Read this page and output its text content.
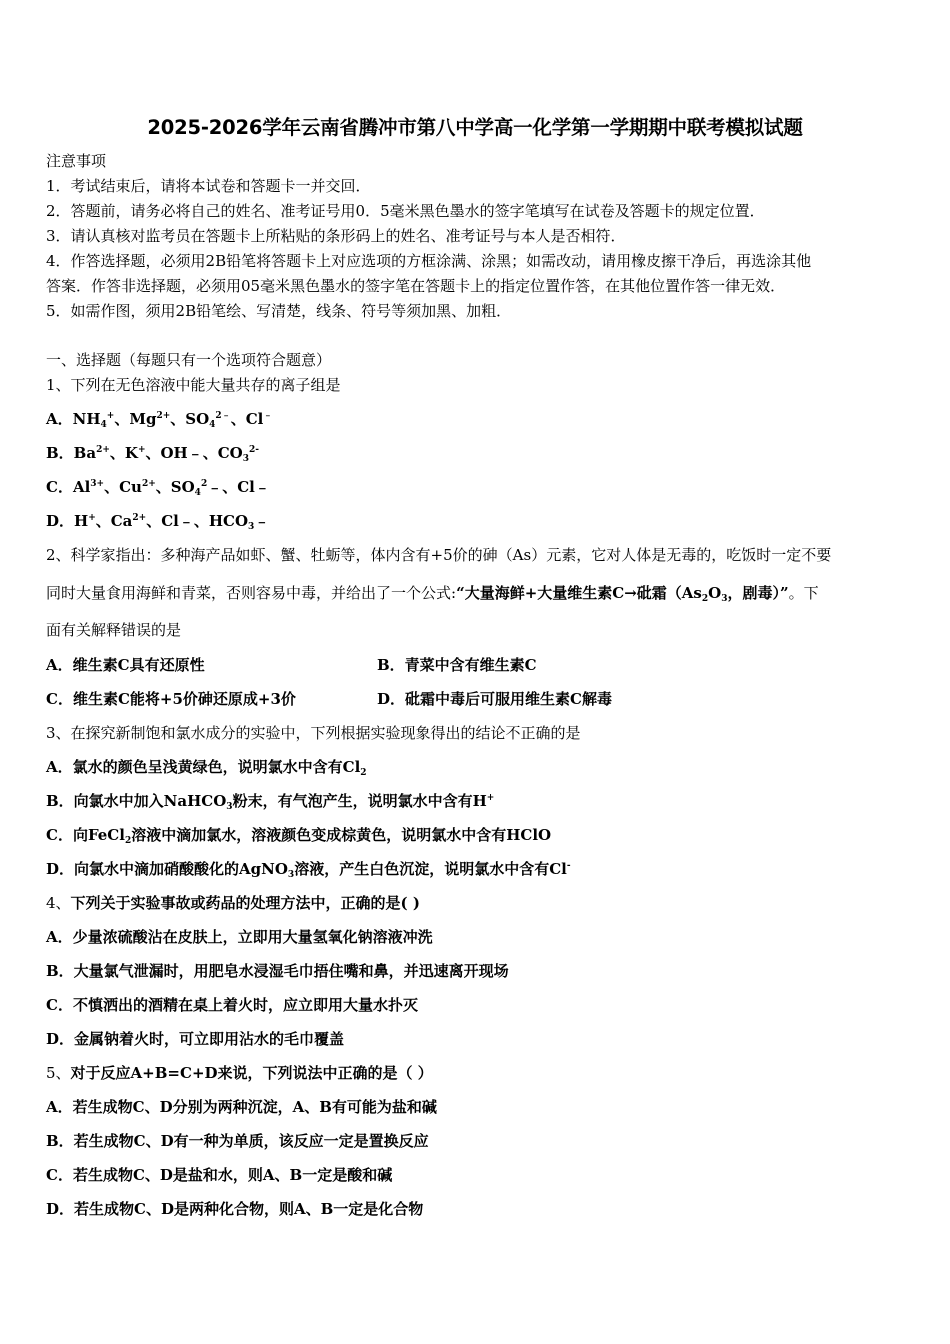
2025-2026学年云南省腾冲市第八中学高一化学第一学期期中联考模拟试题
注意事项
1．考试结束后，请将本试卷和答题卡一并交回．
2．答题前，请务必将自己的姓名、准考证号用0．5毫米黑色墨水的签字笔填写在试卷及答题卡的规定位置．
3．请认真核对监考员在答题卡上所粘贴的条形码上的姓名、准考证号与本人是否相符．
4．作答选择题，必须用2B铅笔将答题卡上对应选项的方框涂满、涂黑；如需改动，请用橡皮擦干净后，再选涂其他
答案．作答非选择题，必须用05毫米黑色墨水的签字笔在答题卡上的指定位置作答，在其他位置作答一律无效．
5．如需作图，须用2B铅笔绘、写清楚，线条、符号等须加黑、加粗．
一、选择题（每题只有一个选项符合题意）
1、下列在无色溶液中能大量共存的离子组是
A．$NH_4^+$、$Mg^{2+}$、$SO_4^{2﹣}$、Cl﹣
B．$Ba^{2+}$、K+、OH﹣、$CO_3^{2-}$
C．$Al^{3+}$、$Cu^{2+}$、$SO_4^2﹣$、Cl﹣
D．H+、$Ca^{2+}$、Cl﹣、$HCO_3﹣$
2、科学家指出：多种海产品如虾、蟹、牡蛎等，体内含有+5价的砷（As）元素，它对人体是无毒的，吃饭时一定不要
同时大量食用海鲜和青菜，否则容易中毒，并给出了一个公式:“大量海鲜+大量维生素C→砒霜（$As_2O_3$，剧毒）”。下
面有关解释错误的是
A．维生素C具有还原性	B．青菜中含有维生素C
C．维生素C能将+5价砷还原成+3价	D．砒霜中毒后可服用维生素C解毒
3、在探究新制饱和氯水成分的实验中，下列根据实验现象得出的结论不正确的是
A．氯水的颜色呈浅黄绿色，说明氯水中含有$Cl_2$
B．向氯水中加入NaHCO$_3$粉末，有气泡产生，说明氯水中含有H+
C．向FeCl$_2$溶液中滴加氯水，溶液颜色变成棕黄色，说明氯水中含有HClO
D．向氯水中滴加硝酸酸化的AgNO$_3$溶液，产生白色沉淀，说明氯水中含有Cl-
4、下列关于实验事故或药品的处理方法中，正确的是( )
A．少量浓硫酸沾在皮肤上，立即用大量氢氧化钠溶液冲洗
B．大量氯气泄漏时，用肥皂水浸湿毛巾捂住嘴和鼻，并迅速离开现场
C．不慎洒出的酒精在桌上着火时，应立即用大量水扑灭
D．金属钠着火时，可立即用沾水的毛巾覆盖
5、对于反应A+B=C+D来说，下列说法中正确的是（ ）
A．若生成物C、D分别为两种沉淀，A、B有可能为盐和碱
B．若生成物C、D有一种为单质，该反应一定是置换反应
C．若生成物C、D是盐和水，则A、B一定是酸和碱
D．若生成物C、D是两种化合物，则A、B一定是化合物
